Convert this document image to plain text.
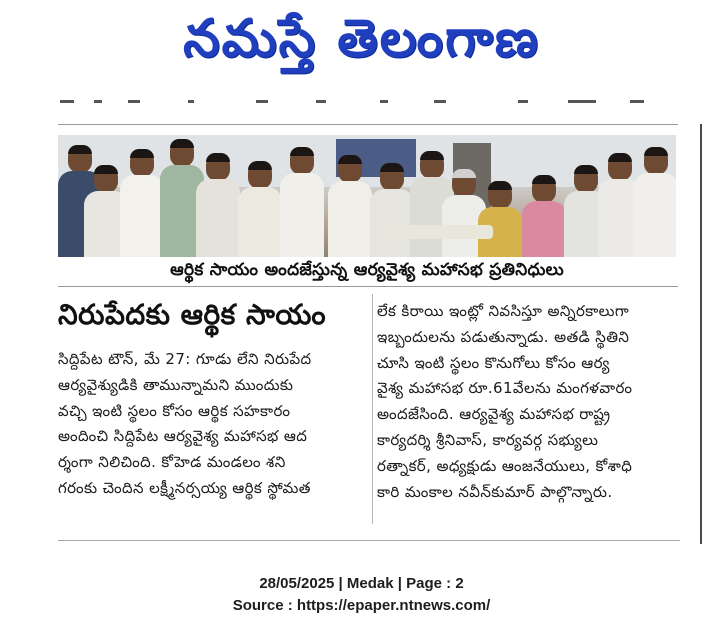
నమస్తే తెలంగాణ
ఆర్థిక సాయం అందజేస్తున్న ఆర్యవైశ్య మహాసభ ప్రతినిధులు
నిరుపేదకు ఆర్థిక సాయం
సిద్దిపేట టౌన్‌, మే 27: గూడు లేని నిరుపేద
ఆర్యవైశ్యుడికి తామున్నామని ముందుకు
వచ్చి ఇంటి స్థలం కోసం ఆర్థిక సహకారం
అందించి సిద్దిపేట ఆర్యవైశ్య మహాసభ ఆద
ర్శంగా నిలిచింది. కోహెడ మండలం శని
గరంకు చెందిన లక్ష్మీనర్సయ్య ఆర్థిక స్థోమత
లేక కిరాయి ఇంట్లో నివసిస్తూ అన్నిరకాలుగా
ఇబ్బందులను పడుతున్నాడు. అతడి స్థితిని
చూసి ఇంటి స్థలం కొనుగోలు కోసం ఆర్య
వైశ్య మహాసభ రూ.61వేలను మంగళవారం
అందజేసింది. ఆర్యవైశ్య మహాసభ రాష్ట్ర
కార్యదర్శి శ్రీనివాస్‌, కార్యవర్గ సభ్యులు
రత్నాకర్‌, అధ్యక్షుడు ఆంజనేయులు, కోశాధి
కారి మంకాల నవీన్‌కుమార్‌ పాల్గొన్నారు.
28/05/2025 | Medak | Page : 2
Source : https://epaper.ntnews.com/
